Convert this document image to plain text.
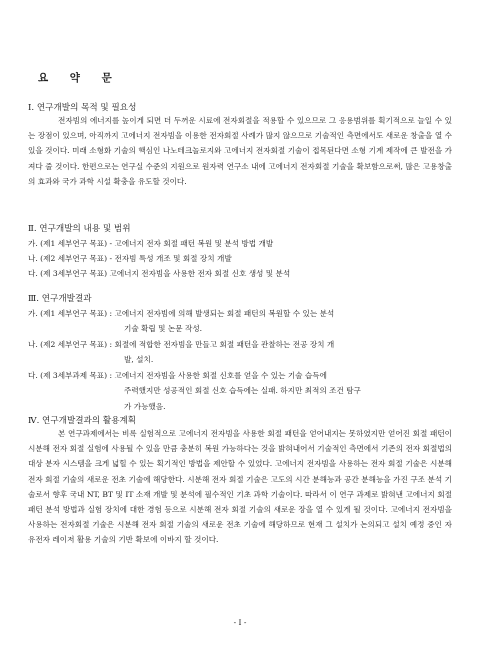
요 약 문
Ⅰ. 연구개발의 목적 및 필요성
전자빔의 에너지를 높이게 되면 더 두꺼운 시료에 전자회절을 적용할 수 있으므로 그 응용범위를 획기적으로 늘일 수 있는 장점이 있으며, 아직까지 고에너지 전자빔을 이용한 전자회절 사례가 많지 않으므로 기술적인 측면에서도 새로운 창출을 열 수 있을 것이다. 미래 소형화 기술의 핵심인 나노테크놀로지와 고에너지 전자회절 기술이 접목된다면 소형 기계 제작에 큰 발전을 가져다 줄 것이다. 한편으로는 연구실 수준의 지원으로 원자력 연구소 내에 고에너지 전자회절 기술을 확보함으로써, 많은 고용창출의 효과와 국가 과학 시설 확충을 유도할 것이다.
Ⅱ. 연구개발의 내용 및 범위
가. (제1 세부연구 목표) - 고에너지 전자 회절 패턴 복원 및 분석 방법 개발
나. (제2 세부연구 목표) - 전자빔 특성 개조 및 회절 장치 개발
다. (제 3세부연구 목표) 고에너지 전자빔을 사용한 전자 회절 신호 생성 및 분석
Ⅲ. 연구개발결과
가. (제1 세부연구 목표) : 고에너지 전자빔에 의해 발생되는 회절 패턴의 복원할 수 있는 분석
기술 확립 및 논문 작성.
나. (제2 세부연구 목표) : 회절에 적합한 전자빔을 만들고 회절 패턴을 관찰하는 전공 장치 개
발, 설치.
다. (제 3세부과제 목표) : 고에너지 전자빔을 사용한 회절 신호를 얻을 수 있는 기술 습득에
주력했지만 성공적인 회절 신호 습득에는 실패. 하지만 최적의 조건 탐구
가 가능했음.
Ⅳ. 연구개발결과의 활용계획
본 연구과제에서는 비록 실험적으로 고에너지 전자빔을 사용한 회절 패턴을 얻어내지는 못하였지만 얻어진 회절 패턴이 시분해 전자 회절 실험에 사용될 수 있을 만큼 충분히 복원 가능하다는 것을 밝혀내어서 기술적인 측면에서 기존의 전자 회절법의 대상 분자 시스템을 크게 넓힐 수 있는 획기적인 방법을 제안할 수 있었다. 고에너지 전자빔을 사용하는 전자 회절 기술은 시분해 전자 회절 기술의 새로운 전초 기술에 해당한다. 시분해 전자 회절 기술은 고도의 시간 분해능과 공간 분해능을 가진 구조 분석 기술로서 향후 국내 NT, BT 및 IT 소재 개발 및 분석에 필수적인 기초 과학 기술이다. 따라서 이 연구 과제로 밝혀낸 고에너지 회절 패턴 분석 방법과 실험 장치에 대한 경험 등으로 시분해 전자 회절 기술의 새로운 장을 열 수 있게 될 것이다. 고에너지 전자빔을 사용하는 전자회절 기술은 시분해 전자 회절 기술의 새로운 전초 기술에 해당하므로 현재 그 설치가 논의되고 설치 예정 중인 자유전자 레이저 활용 기술의 기반 확보에 이바지 할 것이다.
- I -
